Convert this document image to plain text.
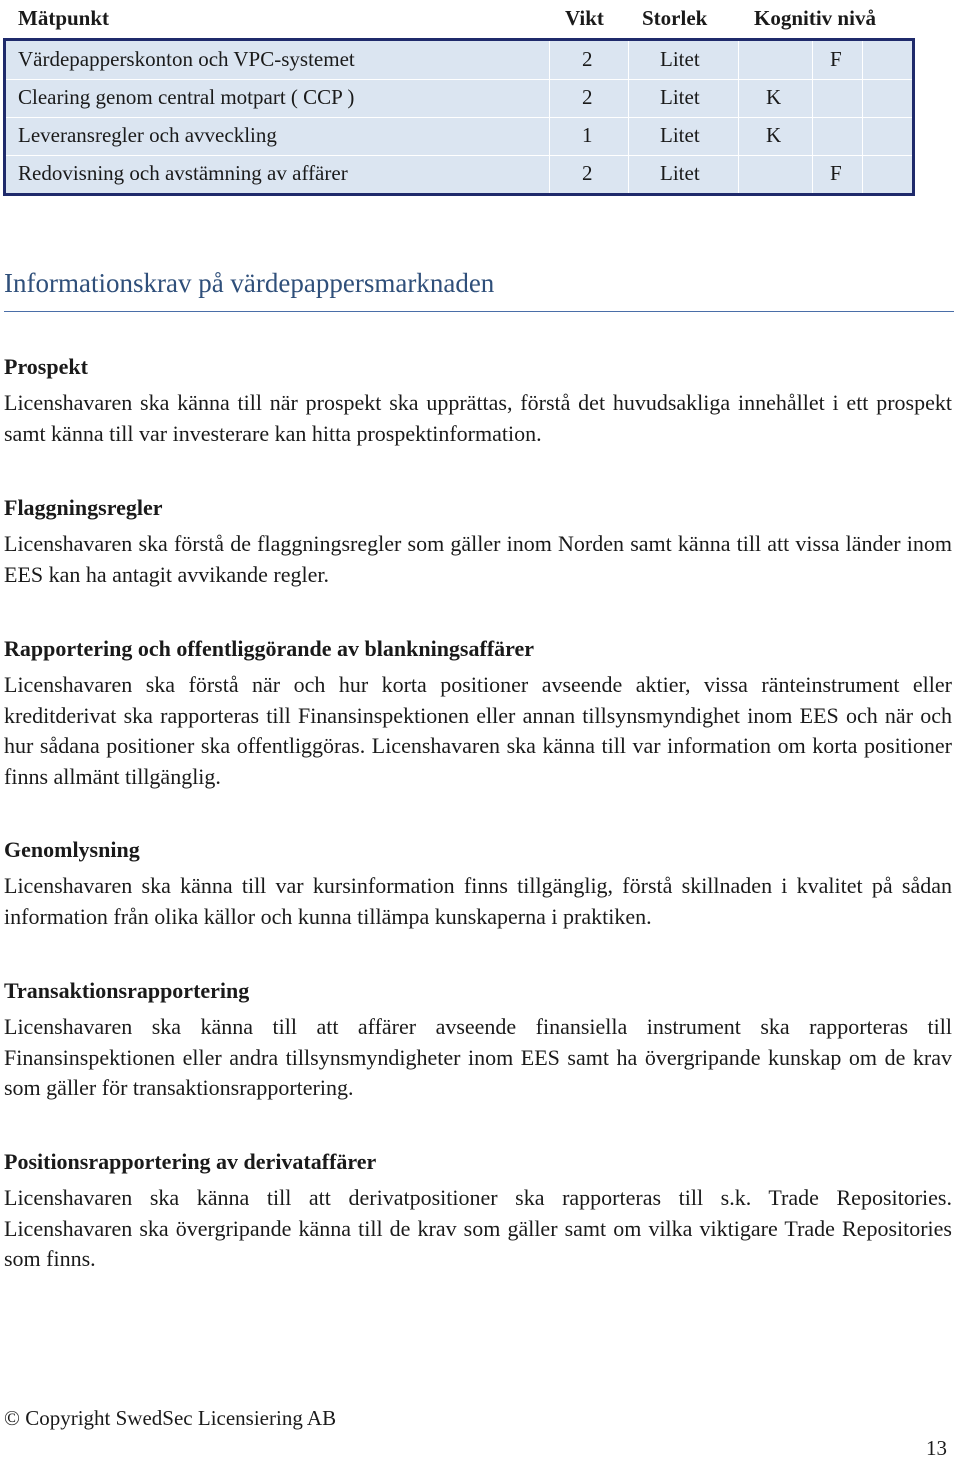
Mätpunkt	Vikt Storlek Kognitiv nivå
Värdepapperskonton och VPC-systemet	2	Litet	F
Clearing genom central motpart ( CCP )	2	Litet	K
Leveransregler och avveckling	1	Litet	K
Redovisning och avstämning av affärer	2	Litet	F
Informationskrav på värdepappersmarknaden
Prospekt

Licenshavaren ska känna till när prospekt ska upprättas, förstå det huvudsakliga innehållet i ett prospekt samt känna till var investerare kan hitta prospektinformation.

Flaggningsregler

Licenshavaren ska förstå de flaggningsregler som gäller inom Norden samt känna till att vissa länder inom EES kan ha antagit avvikande regler.

Rapportering och offentliggörande av blankningsaffärer

Licenshavaren ska förstå när och hur korta positioner avseende aktier, vissa ränteinstrument eller kreditderivat ska rapporteras till Finansinspektionen eller annan tillsynsmyndighet inom EES och när och hur sådana positioner ska offentliggöras. Licenshavaren ska känna till var information om korta positioner finns allmänt tillgänglig.

Genomlysning

Licenshavaren ska känna till var kursinformation finns tillgänglig, förstå skillnaden i kvalitet på sådan information från olika källor och kunna tillämpa kunskaperna i praktiken.

Transaktionsrapportering

Licenshavaren ska känna till att affärer avseende finansiella instrument ska rapporteras till Finansinspektionen eller andra tillsynsmyndigheter inom EES samt ha övergripande kunskap om de krav som gäller för transaktionsrapportering.

Positionsrapportering av derivataffärer

Licenshavaren ska känna till att derivatpositioner ska rapporteras till s.k. Trade Repositories. Licenshavaren ska övergripande känna till de krav som gäller samt om vilka viktigare Trade Repositories som finns.

© Copyright SwedSec Licensiering AB
13
